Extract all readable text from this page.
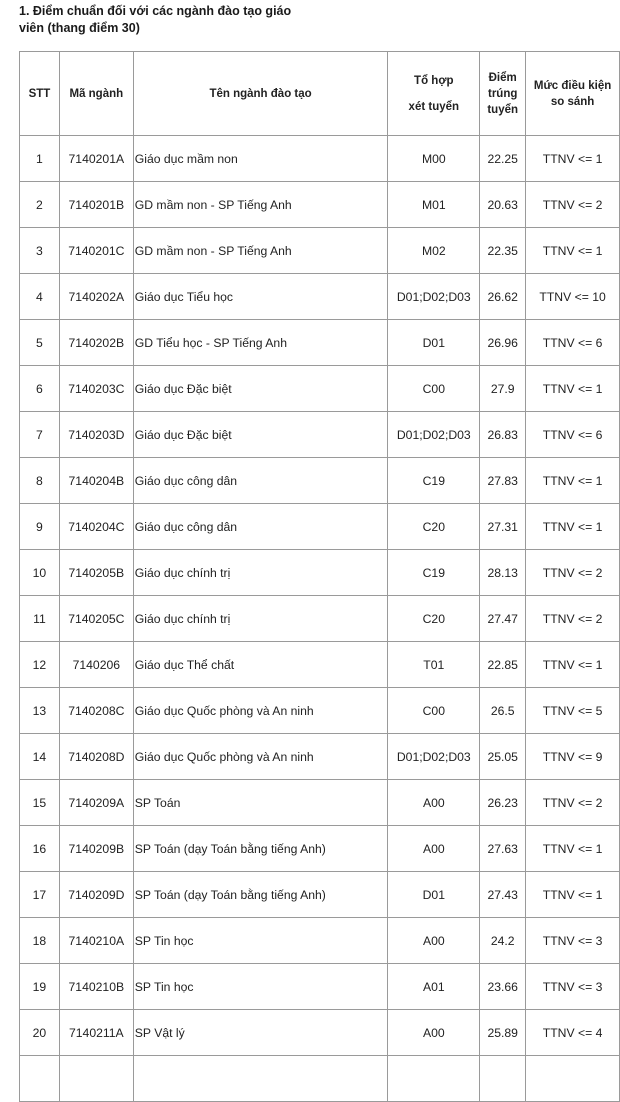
1. Điểm chuẩn đối với các ngành đào tạo giáo
viên (thang điểm 30)
STT	Mã ngành	Tên ngành đào tạo	Tổ hợp
xét tuyển	Điểm
trúng
tuyển	Mức điều kiện
so sánh

1	7140201A	Giáo dục mầm non	M00	22.25	TTNV <= 1
2	7140201B	GD mầm non - SP Tiếng Anh	M01	20.63	TTNV <= 2
3	7140201C	GD mầm non - SP Tiếng Anh	M02	22.35	TTNV <= 1
4	7140202A	Giáo dục Tiểu học	D01;D02;D03	26.62	TTNV <= 10
5	7140202B	GD Tiểu học - SP Tiếng Anh	D01	26.96	TTNV <= 6
6	7140203C	Giáo dục Đặc biệt	C00	27.9	TTNV <= 1
7	7140203D	Giáo dục Đặc biệt	D01;D02;D03	26.83	TTNV <= 6
8	7140204B	Giáo dục công dân	C19	27.83	TTNV <= 1
9	7140204C	Giáo dục công dân	C20	27.31	TTNV <= 1
10	7140205B	Giáo dục chính trị	C19	28.13	TTNV <= 2
11	7140205C	Giáo dục chính trị	C20	27.47	TTNV <= 2
12	7140206	Giáo dục Thể chất	T01	22.85	TTNV <= 1
13	7140208C	Giáo dục Quốc phòng và An ninh	C00	26.5	TTNV <= 5
14	7140208D	Giáo dục Quốc phòng và An ninh	D01;D02;D03	25.05	TTNV <= 9
15	7140209A	SP Toán	A00	26.23	TTNV <= 2
16	7140209B	SP Toán (dạy Toán bằng tiếng Anh)	A00	27.63	TTNV <= 1
17	7140209D	SP Toán (dạy Toán bằng tiếng Anh)	D01	27.43	TTNV <= 1
18	7140210A	SP Tin học	A00	24.2	TTNV <= 3
19	7140210B	SP Tin học	A01	23.66	TTNV <= 3
20	7140211A	SP Vật lý	A00	25.89	TTNV <= 4
